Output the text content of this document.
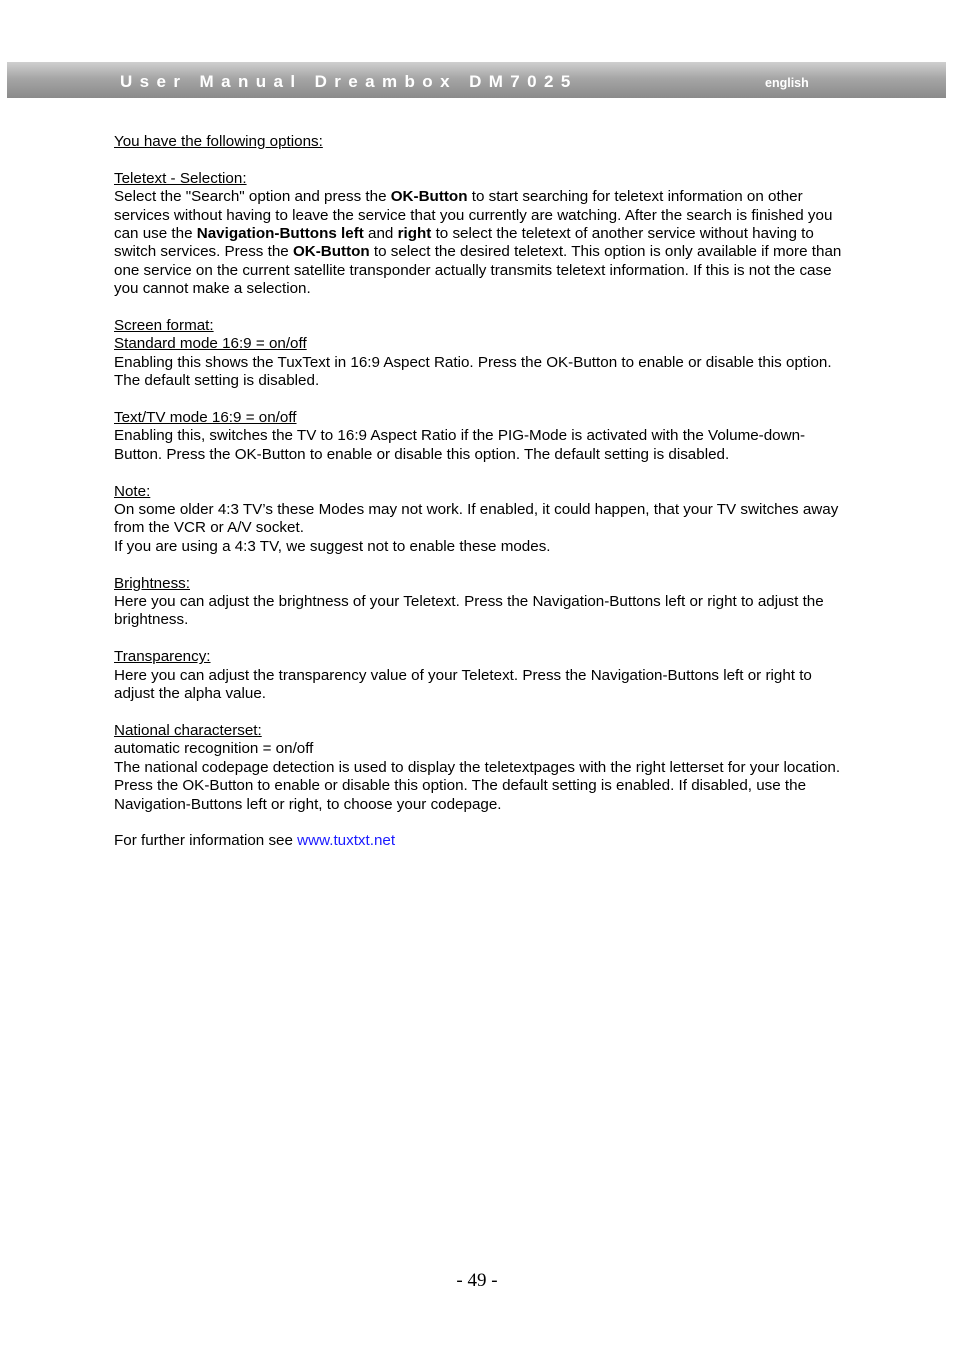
User Manual Dreambox DM7025	english

You have the following options:

Teletext - Selection:

Select the "Search" option and press the OK-Button to start searching for teletext information on other services without having to leave the service that you currently are watching. After the search is finished you can use the Navigation-Buttons left and right to select the teletext of another service without having to switch services. Press the OK-Button to select the desired teletext. This option is only available if more than one service on the current satellite transponder actually transmits teletext information. If this is not the case you cannot make a selection.

Screen format:

Standard mode 16:9 = on/off

Enabling this shows the TuxText in 16:9 Aspect Ratio. Press the OK-Button to enable or disable this option. The default setting is disabled.

Text/TV mode 16:9 = on/off

Enabling this, switches the TV to 16:9 Aspect Ratio if the PIG-Mode is activated with the Volume-down-Button. Press the OK-Button to enable or disable this option. The default setting is disabled.

Note:

On some older 4:3 TV’s these Modes may not work. If enabled, it could happen, that your TV switches away from the VCR or A/V socket.

If you are using a 4:3 TV, we suggest not to enable these modes.

Brightness:

Here you can adjust the brightness of your Teletext. Press the Navigation-Buttons left or right to adjust the brightness.

Transparency:

Here you can adjust the transparency value of your Teletext. Press the Navigation-Buttons left or right to adjust the alpha value.

National characterset:

automatic recognition = on/off

The national codepage detection is used to display the teletextpages with the right letterset for your location. Press the OK-Button to enable or disable this option. The default setting is enabled. If disabled, use the Navigation-Buttons left or right, to choose your codepage.

For further information see www.tuxtxt.net

- 49 -
